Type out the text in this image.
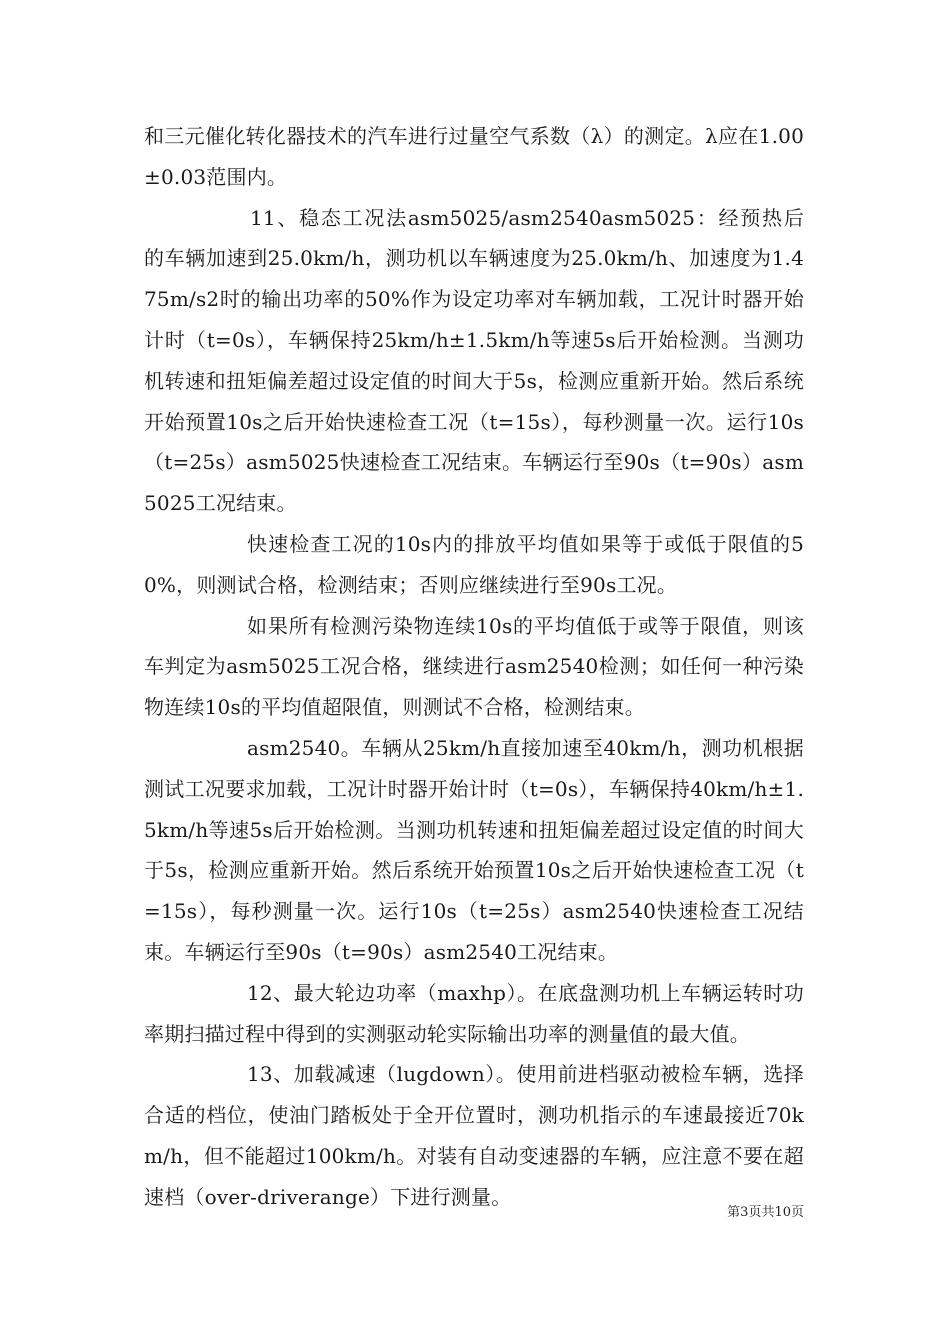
和三元催化转化器技术的汽车进行过量空气系数（λ）的测定。λ应在1.00±0.03范围内。

11、稳态工况法asm5025/asm2540asm5025：经预热后的车辆加速到25.0km/h，测功机以车辆速度为25.0km/h、加速度为1.475m/s2时的输出功率的50%作为设定功率对车辆加载，工况计时器开始计时（t=0s），车辆保持25km/h±1.5km/h等速5s后开始检测。当测功机转速和扭矩偏差超过设定值的时间大于5s，检测应重新开始。然后系统开始预置10s之后开始快速检查工况（t=15s），每秒测量一次。运行10s（t=25s）asm5025快速检查工况结束。车辆运行至90s（t=90s）asm5025工况结束。

快速检查工况的10s内的排放平均值如果等于或低于限值的50%，则测试合格，检测结束；否则应继续进行至90s工况。

如果所有检测污染物连续10s的平均值低于或等于限值，则该车判定为asm5025工况合格，继续进行asm2540检测；如任何一种污染物连续10s的平均值超限值，则测试不合格，检测结束。

asm2540。车辆从25km/h直接加速至40km/h，测功机根据测试工况要求加载，工况计时器开始计时（t=0s），车辆保持40km/h±1.5km/h等速5s后开始检测。当测功机转速和扭矩偏差超过设定值的时间大于5s，检测应重新开始。然后系统开始预置10s之后开始快速检查工况（t=15s），每秒测量一次。运行10s（t=25s）asm2540快速检查工况结束。车辆运行至90s（t=90s）asm2540工况结束。

12、最大轮边功率（maxhp）。在底盘测功机上车辆运转时功率期扫描过程中得到的实测驱动轮实际输出功率的测量值的最大值。

13、加载减速（lugdown）。使用前进档驱动被检车辆，选择合适的档位，使油门踏板处于全开位置时，测功机指示的车速最接近70km/h，但不能超过100km/h。对装有自动变速器的车辆，应注意不要在超速档（over-driverange）下进行测量。

第3页共10页
